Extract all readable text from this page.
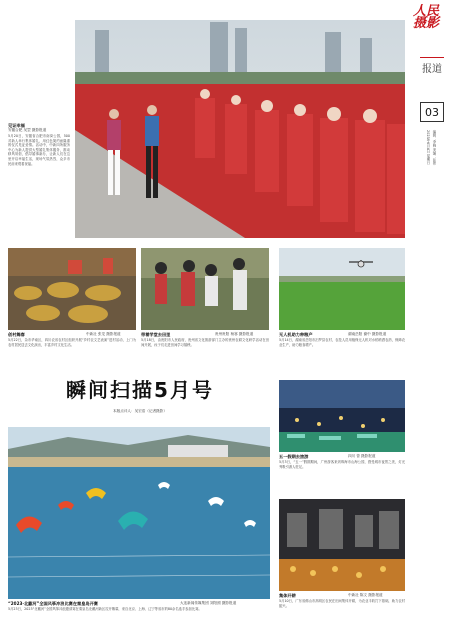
人民摄影
报道
03
2023年6月4日 星期日 编辑：李晓 美编：张伟
见证幸福
安徽合肥 吴罡 摄影报道
5月20日，安徽省合肥市南岗公园，500对新人举行集体婚礼，用红色简约而隆重的仪式见证爱情。活动中，中新四所服务中心为新人提供大型婚礼集体服务，推动移风易俗，倡导婚事新办，让新人们在这里开启幸福生活，现场气氛热烈，众多市民前来观看祝福。
创村舞春	中新社 张龙 摄影报道
5月22日，杂市华南区，四川农省农村区组织开展“乡村农文艺表演”进村活动，上门为农村居民送去文化演出，丰富乡村文化生活。
带着学堂去田里	贵州贵阳 杨寒 摄影报道
5月18日，由贵阳市人民政府，贵州省文化旅游部门主办的贵州农耕文化研学活动在田间开展，孩子们走进田间学习插秧。
无人机助力种粮产	湖南岳阳 谢中 摄影报道
5月14日，湖南省岳阳市汨罗县农村，农技人员用植保无人机对水稻喷洒农药，保障农业生产，助力粮食增产。
瞬间扫描5月号
本版点评人：吴宏浩（记者摄影）
五一假期去旅游	四川 曾 摄影报道
5月3日，“五一”假期期间，广州游客来到珠海市山海公园，感受城市夜景之美，灯光秀吸引游人驻足。
“2023·北戴河”全国风筝冲浪比赛在秦皇岛开赛	大连新闻传媒集团 刘阳照 摄影报道
5月23日，2023“北戴河”全国风筝冲浪邀请赛在秦皇岛北戴河新区拉开帷幕，来自北京、上海、辽宁等省市的80余名选手参加比赛。
集体开耕	中新社 陈文 摄影报道
5月10日，广东省佛山市高明区农民在田间集体开耕，为农业丰收打下基础，助力农村振兴。
